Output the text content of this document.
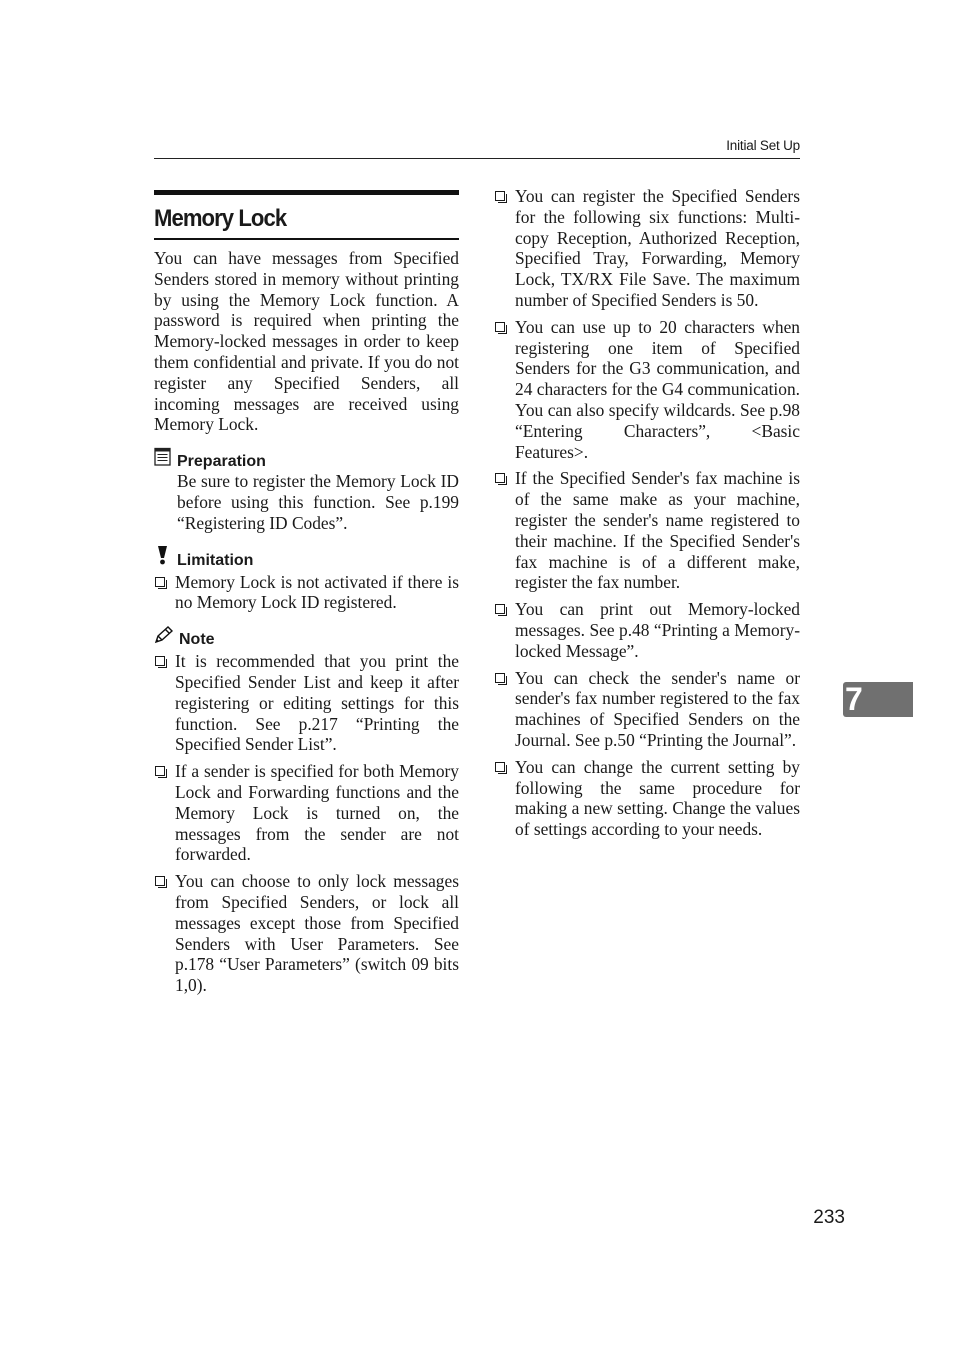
Initial Set Up
Memory Lock

You can have messages from Specified Senders stored in memory without printing by using the Memory Lock function. A password is required when printing the Memory-locked messages in order to keep them confidential and private. If you do not register any Specified Senders, all incoming messages are received using Memory Lock.

Preparation
Be sure to register the Memory Lock ID before using this function. See p.199 “Registering ID Codes”.
Limitation
Memory Lock is not activated if there is no Memory Lock ID registered.
Note
It is recommended that you print the Specified Sender List and keep it after registering or editing settings for this function. See p.217 “Printing the Specified Sender List”.
If a sender is specified for both Memory Lock and Forwarding functions and the Memory Lock is turned on, the messages from the sender are not forwarded.
You can choose to only lock messages from Specified Senders, or lock all messages except those from Specified Senders with User Parameters. See p.178 “User Parameters” (switch 09 bits 1,0).
You can register the Specified Senders for the following six functions: Multi-copy Reception, Authorized Reception, Specified Tray, Forwarding, Memory Lock, TX/RX File Save. The maximum number of Specified Senders is 50.
You can use up to 20 characters when registering one item of Specified Senders for the G3 communication, and 24 characters for the G4 communication. You can also specify wildcards. See p.98 “Entering Characters”, <Basic Features>.
If the Specified Sender's fax machine is of the same make as your machine, register the sender's name registered to their machine. If the Specified Sender's fax machine is of a different make, register the fax number.
You can print out Memory-locked messages. See p.48 “Printing a Memory-locked Message”.
You can check the sender's name or sender's fax number registered to the fax machines of Specified Senders on the Journal. See p.50 “Printing the Journal”.
You can change the current setting by following the same procedure for making a new setting. Change the values of settings according to your needs.
7
233
